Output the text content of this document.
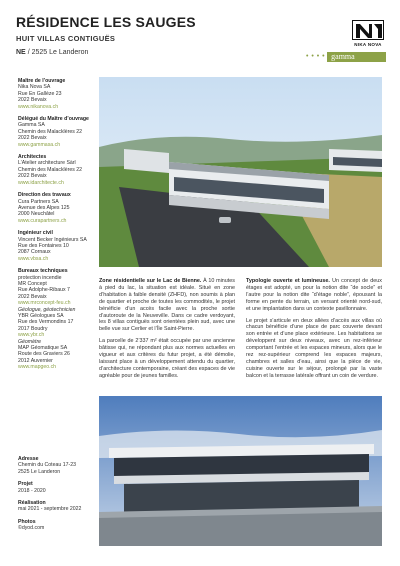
RÉSIDENCE LES SAUGES
HUIT VILLAS CONTIGUËS
NE / 2525 Le Landeron
NIKA NOVA
• • • • gamma
Maître de l’ouvrage
Nika Nova SA
Rue En Gallèze 23
2022 Bevaix
www.nikanova.ch
Délégué du Maître d’ouvrage
Gamma SA
Chemin des Malacklères 22
2022 Bevaix
www.gammasa.ch
Architectes
L’Atelier architecture Sàrl
Chemin des Malacklères 22
2022 Bevaix
www.idarchitecte.ch
Direction des travaux
Cura Partners SA
Avenue des Alpes 125
2000 Neuchâtel
www.curapartners.ch
Ingénieur civil
Vincent Becker Ingénieurs SA
Rue des Fontaines 10
2087 Cornaux
www.vbsa.ch
Bureaux techniques
protection incendie
MR Concept
Rue Adolphe-Ribaux 7
2022 Bevaix
www.mrconcept-feu.ch
Géologue, géotechnicien
YBR Géologues SA
Rue des Vermondins 17
2017 Boudry
www.ybr.ch
Géomètre
MAP Géomatique SA
Route des Graviers 26
2012 Auvernier
www.mapgeo.ch
Adresse
Chemin du Coteau 17-23
2525 Le Landeron
Projet
2018 - 2020
Réalisation
mai 2021 - septembre 2022
Photos
©dyod.com

Zone résidentielle sur le Lac de Bienne. À 10 minutes à pied du lac, la situation est idéale. Situé en zone d’habitation à faible densité (ZHFD), non soumis à plan de quartier et proche de toutes les commodités, le projet bénéficie d’un accès facile avec la proche sortie d’autoroute de la Neuveville. Dans ce cadre verdoyant, les 8 villas contiguës sont orientées plein sud, avec une belle vue sur Cerlier et l’Île Saint-Pierre.

La parcelle de 2’337 m² était occupée par une ancienne bâtisse qui, ne répondant plus aux normes actuelles en vigueur et aux critères du futur projet, a été démolie, laissant place à un développement attendu du quartier, d’architecture contemporaine, créant des espaces de vie agréable pour de jeunes familles.

Typologie ouverte et lumineuse. Un concept de deux étages est adopté, un pour la notion dite “de socle” et l’autre pour la notion dite “d’étage noble”, épousant la forme en pente du terrain, un versant orienté nord-sud, et une implantation dans un contexte pavillonnaire.

Le projet s’articule en deux allées d’accès aux villas où chacun bénéficie d’une place de parc couverte devant son entrée et d’une place extérieure. Les habitations se développent sur deux niveaux, avec un rez-inférieur comportant l’entrée et les espaces mineurs, alors que le rez rez-supérieur comprend les espaces majeurs, chambres et salles d’eau, ainsi que la pièce de vie, cuisine ouverte sur le séjour, prolongé par la vaste balcon et la terrasse latérale offrant un coin de verdure.
